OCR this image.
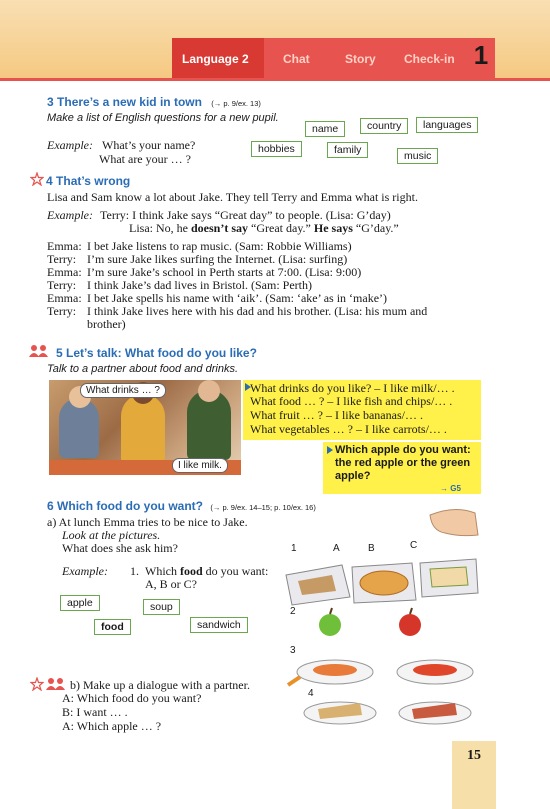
Language 2	Chat	Story Check-in 1
3 There’s a new kid in town (→ p. 9/ex. 13)
Make a list of English questions for a new pupil.
Example: What’s your name?
What are your … ?
name	country	languages
hobbies	family	music
4 That’s wrong
Lisa and Sam know a lot about Jake. They tell Terry and Emma what is right.
Example: Terry: I think Jake says “Great day” to people. (Lisa: G’day)
Lisa: No, he doesn’t say “Great day.” He says “G’day.”
Emma: I bet Jake listens to rap music. (Sam: Robbie Williams)
Terry: I’m sure Jake likes surfing the Internet. (Lisa: surfing)
Emma: I’m sure Jake’s school in Perth starts at 7:00. (Lisa: 9:00)
Terry: I think Jake’s dad lives in Bristol. (Sam: Perth)
Emma: I bet Jake spells his name with ‘aik’. (Sam: ‘ake’ as in ‘make’)
Terry: I think Jake lives here with his dad and his brother. (Lisa: his mum and
brother)
5 Let’s talk: What food do you like?
Talk to a partner about food and drinks.
What drinks … ?
I like milk.
What drinks do you like? – I like milk/… .
What food … ? – I like fish and chips/… .
What fruit … ? – I like bananas/… .
What vegetables … ? – I like carrots/… .
Which apple do you want:
the red apple or the green
apple?
→ G5
6 Which food do you want? (→ p. 9/ex. 14–15; p. 10/ex. 16)
a) At lunch Emma tries to be nice to Jake.
Look at the pictures.
What does she ask him?
Example: 1. Which food do you want:
A, B or C?
apple	soup
food	sandwich
1	A	B	C
2
3
4
b) Make up a dialogue with a partner.
A: Which food do you want?
B: I want … .
A: Which apple … ?
15
